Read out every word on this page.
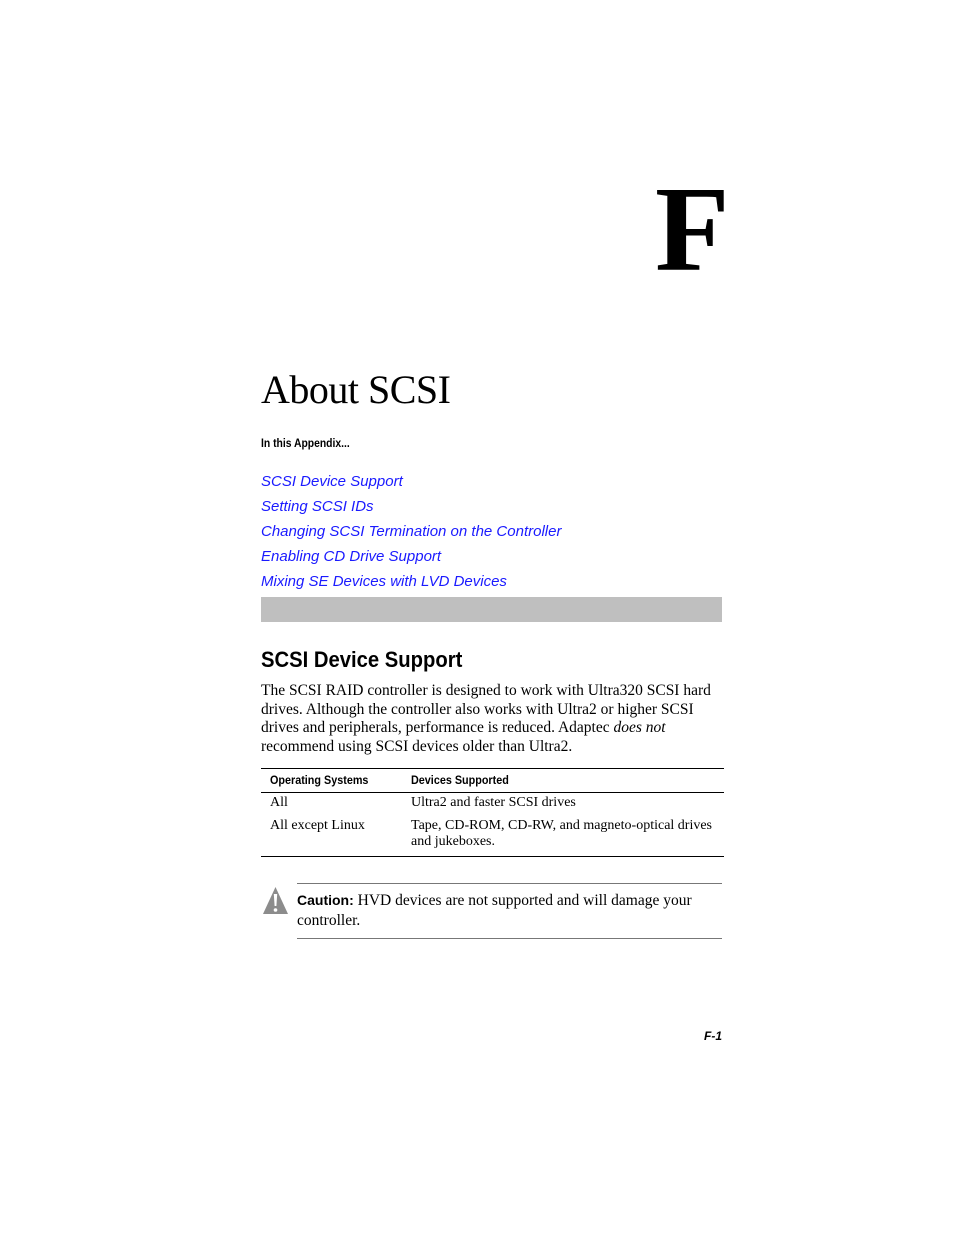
F
About SCSI
In this Appendix...
SCSI Device Support
Setting SCSI IDs
Changing SCSI Termination on the Controller
Enabling CD Drive Support
Mixing SE Devices with LVD Devices
SCSI Device Support

The SCSI RAID controller is designed to work with Ultra320 SCSI hard drives. Although the controller also works with Ultra2 or higher SCSI drives and peripherals, performance is reduced. Adaptec does not recommend using SCSI devices older than Ultra2.

Operating Systems	Devices Supported
All	Ultra2 and faster SCSI drives
All except Linux	Tape, CD-ROM, CD-RW, and magneto-optical drives and jukeboxes.

Caution: HVD devices are not supported and will damage your controller.

F-1
